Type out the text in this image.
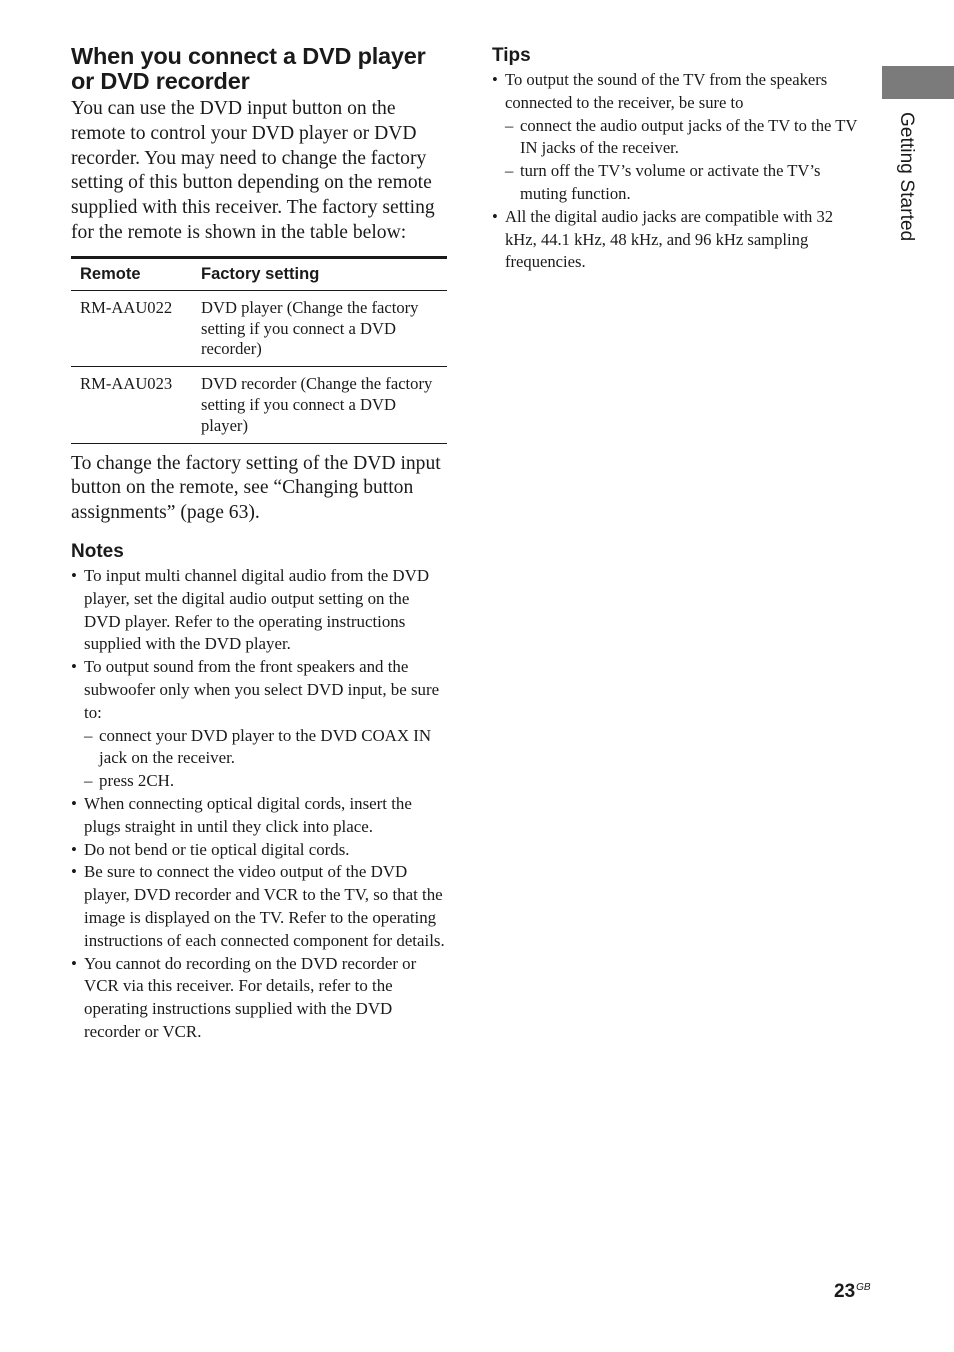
When you connect a DVD player or DVD recorder

You can use the DVD input button on the remote to control your DVD player or DVD recorder. You may need to change the factory setting of this button depending on the remote supplied with this receiver. The factory setting for the remote is shown in the table below:

Remote	Factory setting
RM-AAU022	DVD player (Change the factory setting if you connect a DVD recorder)
RM-AAU023	DVD recorder (Change the factory setting if you connect a DVD player)

To change the factory setting of the DVD input button on the remote, see “Changing button assignments” (page 63).

Notes
• To input multi channel digital audio from the DVD player, set the digital audio output setting on the DVD player. Refer to the operating instructions supplied with the DVD player.
• To output sound from the front speakers and the subwoofer only when you select DVD input, be sure to:
– connect your DVD player to the DVD COAX IN jack on the receiver.
– press 2CH.
• When connecting optical digital cords, insert the plugs straight in until they click into place.
• Do not bend or tie optical digital cords.
• Be sure to connect the video output of the DVD player, DVD recorder and VCR to the TV, so that the image is displayed on the TV. Refer to the operating instructions of each connected component for details.
• You cannot do recording on the DVD recorder or VCR via this receiver. For details, refer to the operating instructions supplied with the DVD recorder or VCR.
Tips
• To output the sound of the TV from the speakers connected to the receiver, be sure to
– connect the audio output jacks of the TV to the TV IN jacks of the receiver.
– turn off the TV’s volume or activate the TV’s muting function.
• All the digital audio jacks are compatible with 32 kHz, 44.1 kHz, 48 kHz, and 96 kHz sampling frequencies.
Getting Started
$23^{GB}$
